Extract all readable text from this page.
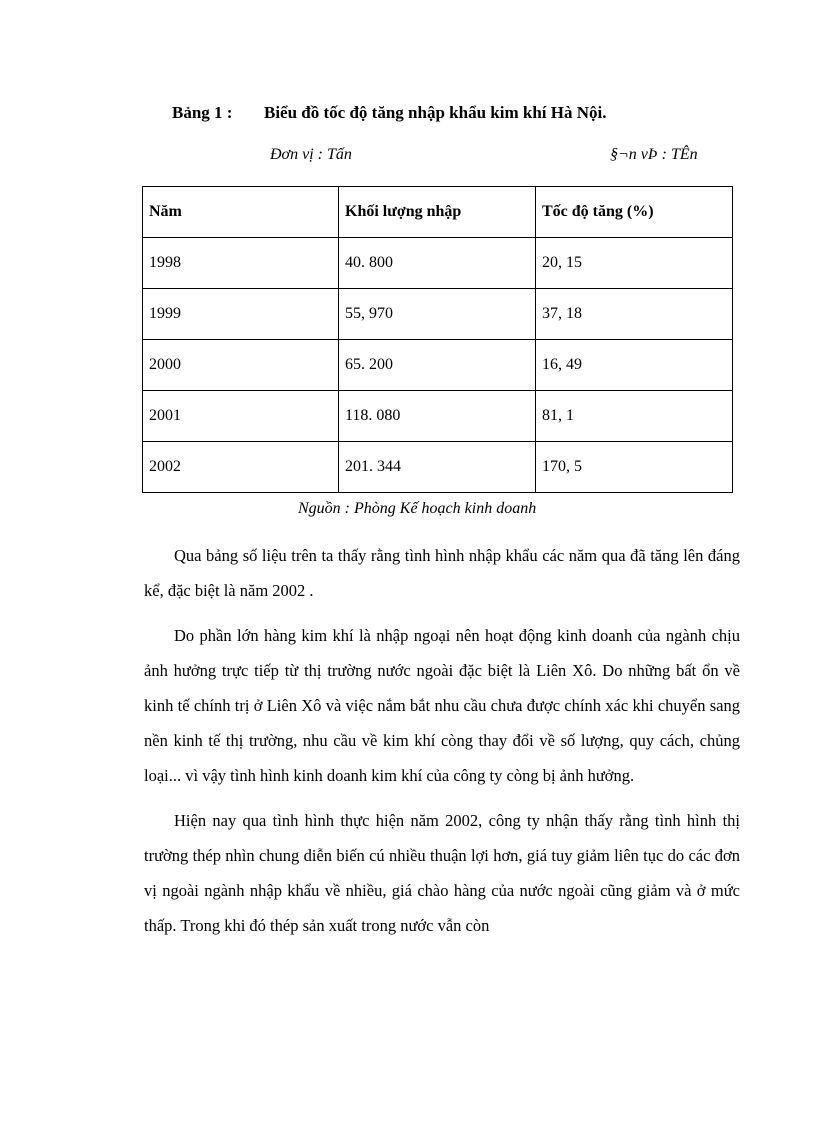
Bảng 1 : Biểu đồ tốc độ tăng nhập khẩu kim khí Hà Nội.
Đơn vị : Tấn	§¬n vÞ : TÊn
Năm	Khối lượng nhập	Tốc độ tăng (%)
1998	40. 800	20, 15
1999	55, 970	37, 18
2000	65. 200	16, 49
2001	118. 080	81, 1
2002	201. 344	170, 5
Nguồn : Phòng Kế hoạch kinh doanh

Qua bảng số liệu trên ta thấy rằng tình hình nhập khẩu các năm qua đã tăng lên đáng kể, đặc biệt là năm 2002 .

Do phần lớn hàng kim khí là nhập ngoại nên hoạt động kinh doanh của ngành chịu ảnh hưởng trực tiếp từ thị trường nước ngoài đặc biệt là Liên Xô. Do những bất ổn về kinh tế chính trị ở Liên Xô và việc nắm bắt nhu cầu chưa được chính xác khi chuyển sang nền kinh tế thị trường, nhu cầu về kim khí còng thay đổi về số lượng, quy cách, chủng loại... vì vậy tình hình kinh doanh kim khí của công ty còng bị ảnh hưởng.

Hiện nay qua tình hình thực hiện năm 2002, công ty nhận thấy rằng tình hình thị trường thép nhìn chung diễn biến cú nhiều thuận lợi hơn, giá tuy giảm liên tục do các đơn vị ngoài ngành nhập khẩu về nhiều, giá chào hàng của nước ngoài cũng giảm và ở mức thấp. Trong khi đó thép sản xuất trong nước vẫn còn
